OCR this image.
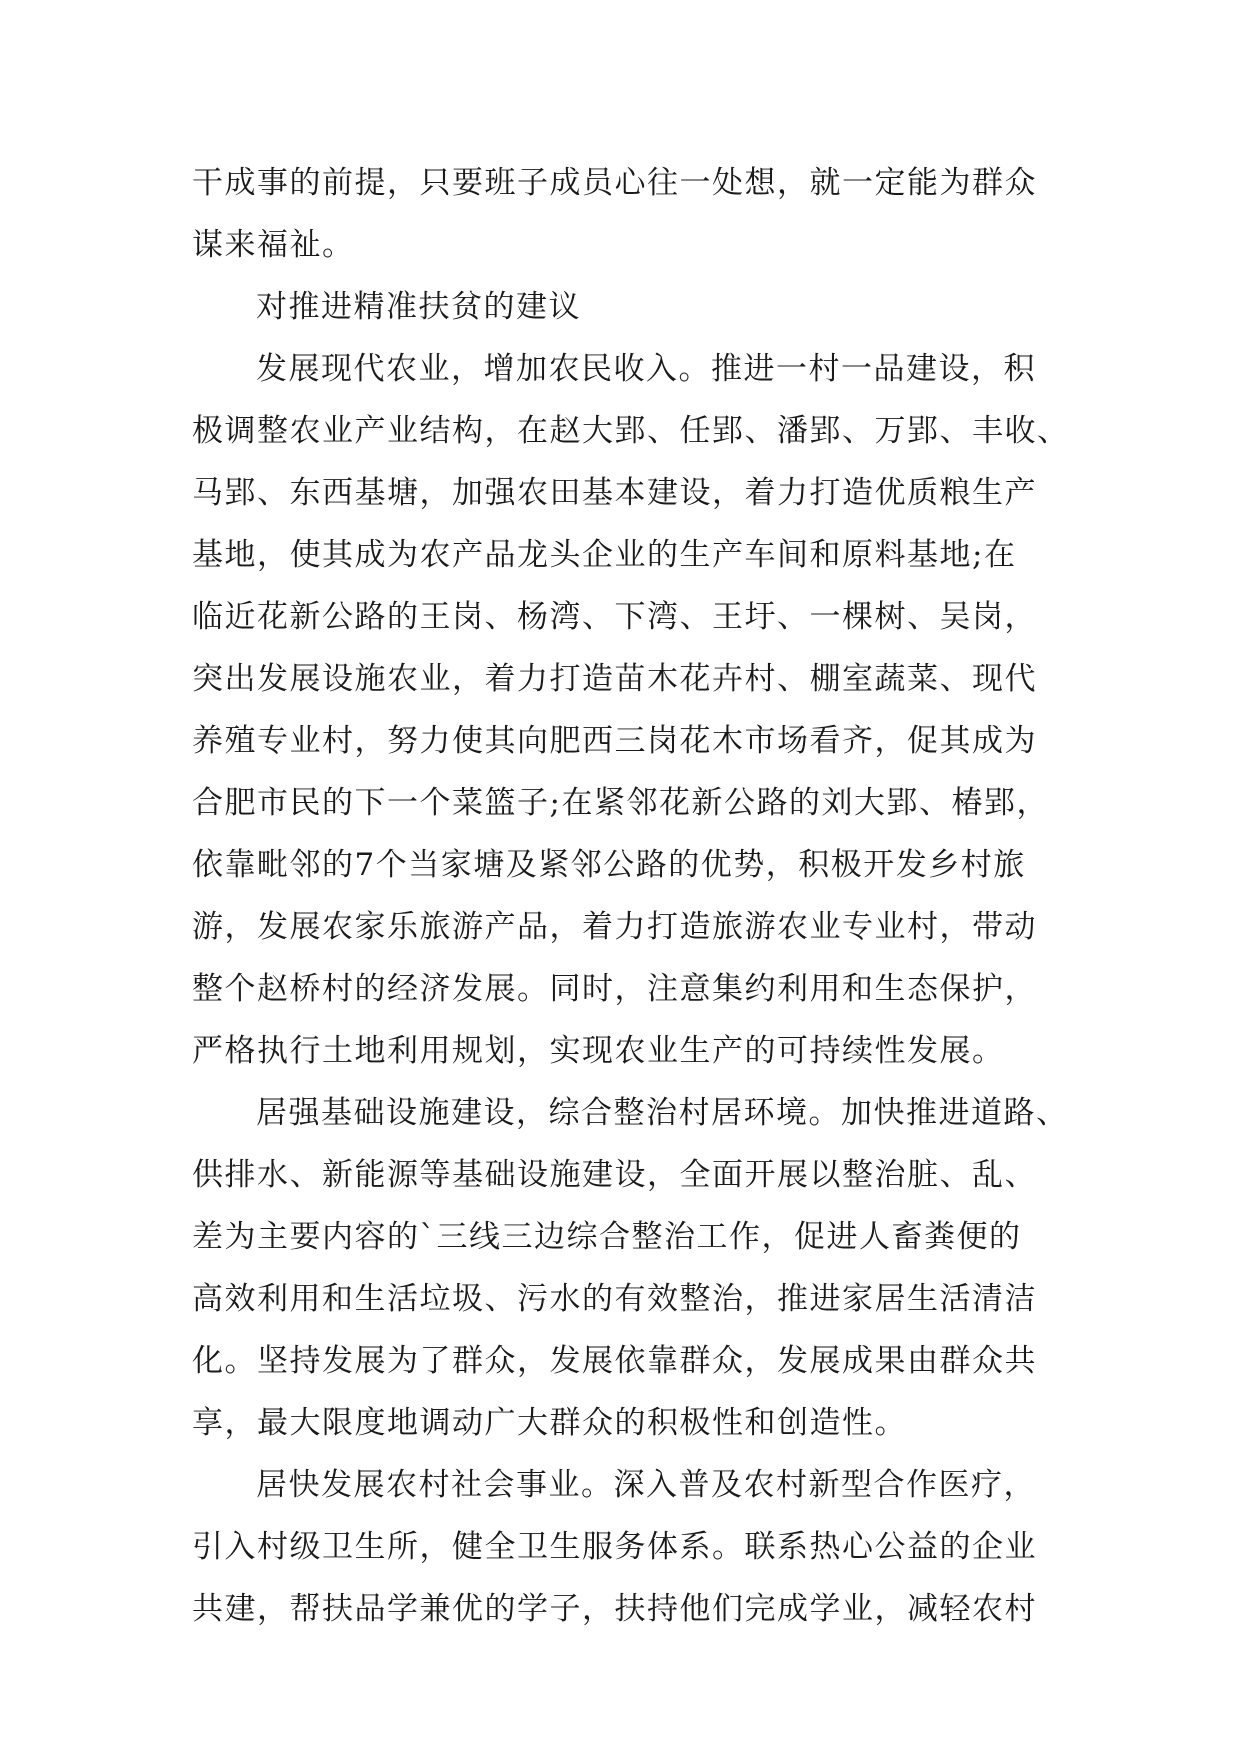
干成事的前提，只要班子成员心往一处想，就一定能为群众
谋来福祉。
对推进精准扶贫的建议
发展现代农业，增加农民收入。推进一村一品建设，积
极调整农业产业结构，在赵大郢、任郢、潘郢、万郢、丰收、
马郢、东西基塘，加强农田基本建设，着力打造优质粮生产
基地，使其成为农产品龙头企业的生产车间和原料基地;在
临近花新公路的王岗、杨湾、下湾、王圩、一棵树、吴岗，
突出发展设施农业，着力打造苗木花卉村、棚室蔬菜、现代
养殖专业村，努力使其向肥西三岗花木市场看齐，促其成为
合肥市民的下一个菜篮子;在紧邻花新公路的刘大郢、椿郢，
依靠毗邻的7个当家塘及紧邻公路的优势，积极开发乡村旅
游，发展农家乐旅游产品，着力打造旅游农业专业村，带动
整个赵桥村的经济发展。同时，注意集约利用和生态保护，
严格执行土地利用规划，实现农业生产的可持续性发展。
居强基础设施建设，综合整治村居环境。加快推进道路、
供排水、新能源等基础设施建设，全面开展以整治脏、乱、
差为主要内容的`三线三边综合整治工作，促进人畜粪便的
高效利用和生活垃圾、污水的有效整治，推进家居生活清洁
化。坚持发展为了群众，发展依靠群众，发展成果由群众共
享，最大限度地调动广大群众的积极性和创造性。
居快发展农村社会事业。深入普及农村新型合作医疗，
引入村级卫生所，健全卫生服务体系。联系热心公益的企业
共建，帮扶品学兼优的学子，扶持他们完成学业，减轻农村
